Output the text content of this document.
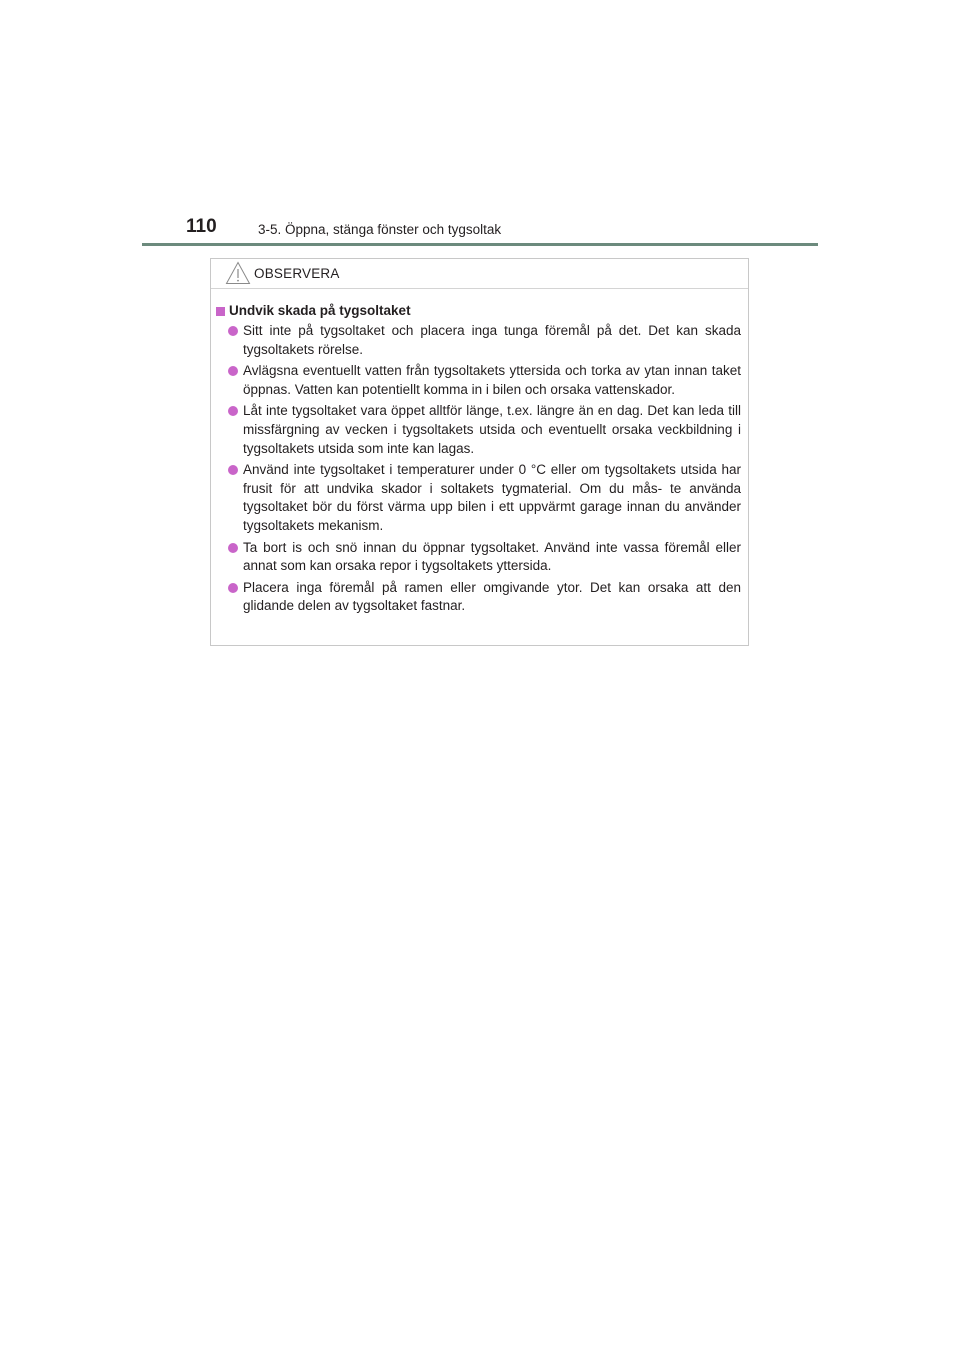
110	3-5. Öppna, stänga fönster och tygsoltak
OBSERVERA
Undvik skada på tygsoltaket
Sitt inte på tygsoltaket och placera inga tunga föremål på det. Det kan skada tygsoltakets rörelse.
Avlägsna eventuellt vatten från tygsoltakets yttersida och torka av ytan innan taket öppnas. Vatten kan potentiellt komma in i bilen och orsaka vattenskador.
Låt inte tygsoltaket vara öppet alltför länge, t.ex. längre än en dag. Det kan leda till missfärgning av vecken i tygsoltakets utsida och eventuellt orsaka veckbildning i tygsoltakets utsida som inte kan lagas.
Använd inte tygsoltaket i temperaturer under 0 °C eller om tygsoltakets utsida har frusit för att undvika skador i soltakets tygmaterial. Om du mås- te använda tygsoltaket bör du först värma upp bilen i ett uppvärmt garage innan du använder tygsoltakets mekanism.
Ta bort is och snö innan du öppnar tygsoltaket. Använd inte vassa föremål eller annat som kan orsaka repor i tygsoltakets yttersida.
Placera inga föremål på ramen eller omgivande ytor. Det kan orsaka att den glidande delen av tygsoltaket fastnar.
